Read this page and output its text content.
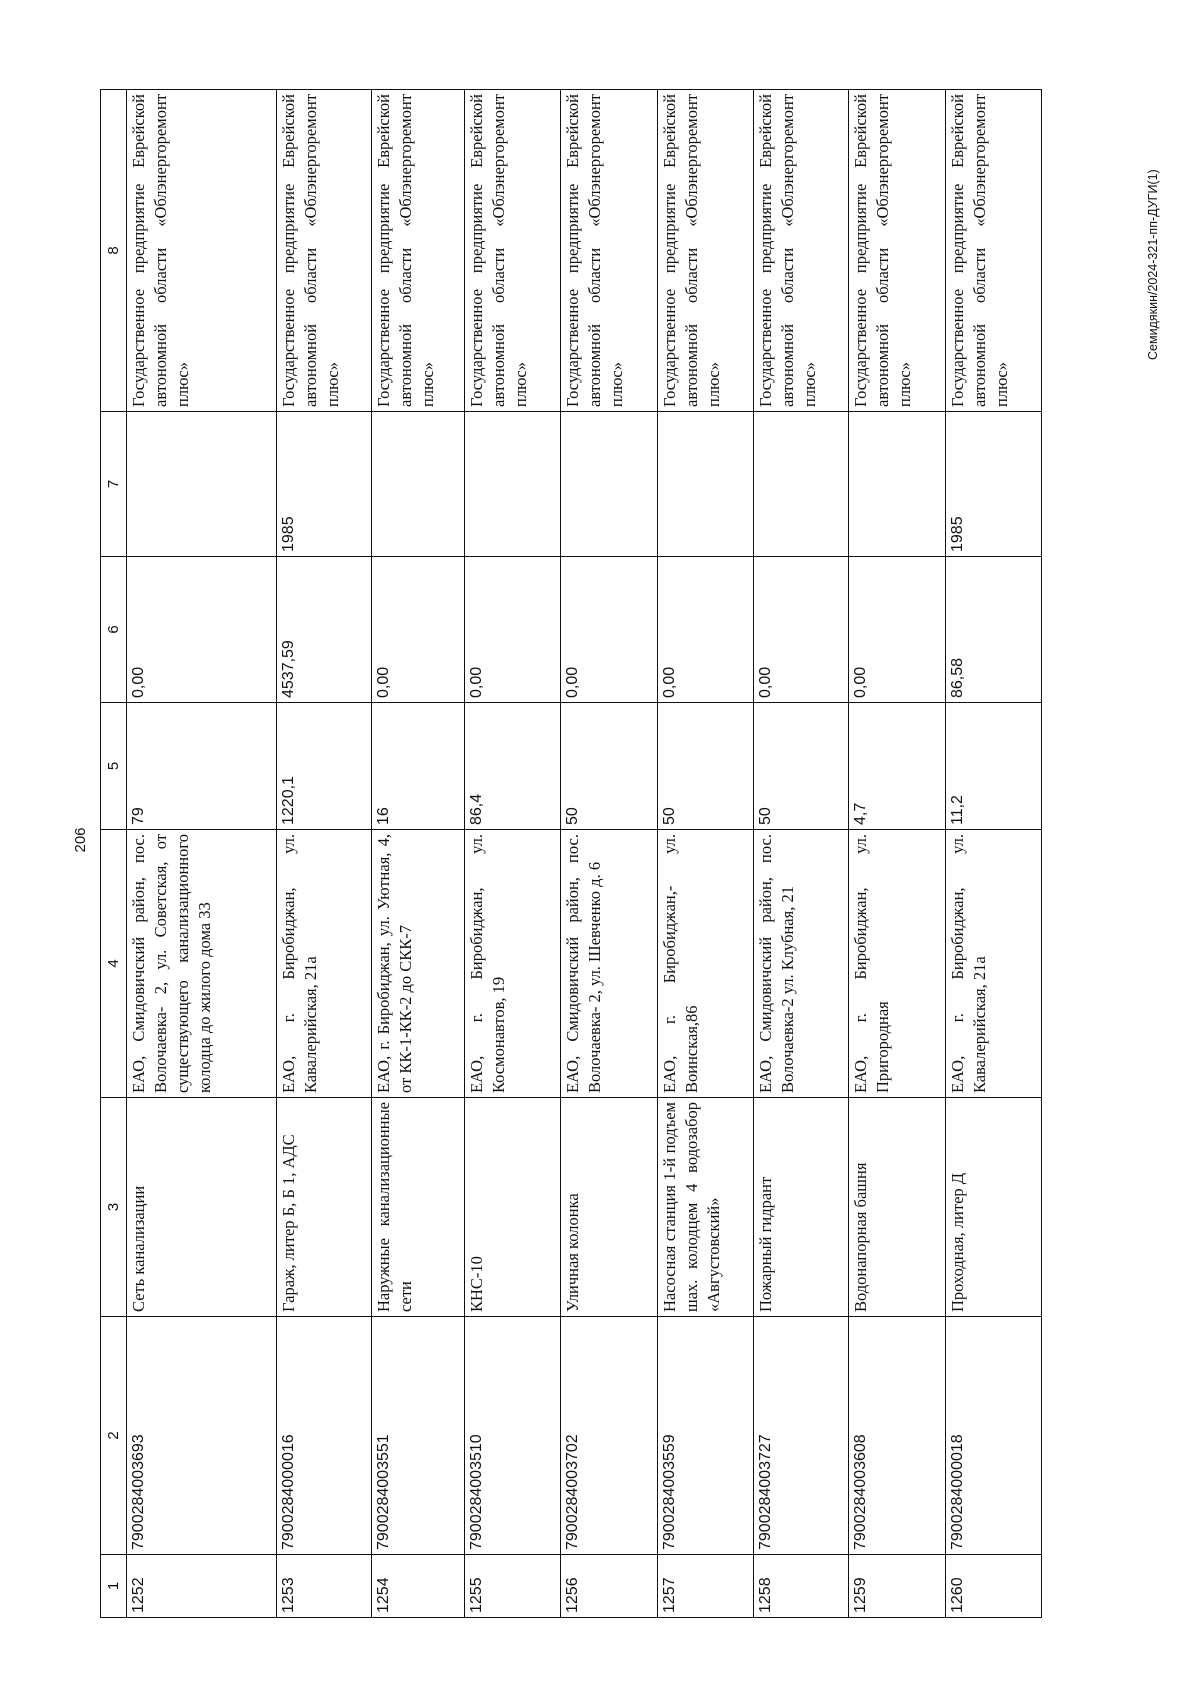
206
1	2	3	4	5	6	7	8
1252	7900284003693	Сеть канализации	ЕАО, Смидовичский район, пос. Волочаевка- 2, ул. Советская, от существующего канализационного колодца до жилого дома 33	79	0,00		Государственное предприятие Еврейской автономной области «Облэнергоремонт плюс»
1253	7900284000016	Гараж, литер Б, Б 1, АДС	ЕАО, г. Биробиджан, ул. Кавалерийская, 21а	1220,1	4537,59	1985	Государственное предприятие Еврейской автономной области «Облэнергоремонт плюс»
1254	7900284003551	Наружные канализационные сети	ЕАО, г. Биробиджан, ул. Уютная, 4, от КК-1-КК-2 до СКК-7	16	0,00		Государственное предприятие Еврейской автономной области «Облэнергоремонт плюс»
1255	7900284003510	КНС-10	ЕАО, г. Биробиджан, ул. Космонавтов, 19	86,4	0,00		Государственное предприятие Еврейской автономной области «Облэнергоремонт плюс»
1256	7900284003702	Уличная колонка	ЕАО, Смидовичский район, пос. Волочаевка- 2, ул. Шевченко д. 6	50	0,00		Государственное предприятие Еврейской автономной области «Облэнергоремонт плюс»
1257	7900284003559	Насосная станция 1-й подъем шах. колодцем 4 водозабор «Августовский»	ЕАО, г. Биробиджан,- ул. Воинская,86	50	0,00		Государственное предприятие Еврейской автономной области «Облэнергоремонт плюс»
1258	7900284003727	Пожарный гидрант	ЕАО, Смидовичский район, пос. Волочаевка-2 ул. Клубная, 21	50	0,00		Государственное предприятие Еврейской автономной области «Облэнергоремонт плюс»
1259	7900284003608	Водонапорная башня	ЕАО, г. Биробиджан, ул. Пригородная	4,7	0,00		Государственное предприятие Еврейской автономной области «Облэнергоремонт плюс»
1260	7900284000018	Проходная, литер Д	ЕАО, г. Биробиджан, ул. Кавалерийская, 21а	11,2	86,58	1985	Государственное предприятие Еврейской автономной области «Облэнергоремонт плюс»
Семидякин/2024-321-пп-ДУГИ(1)
